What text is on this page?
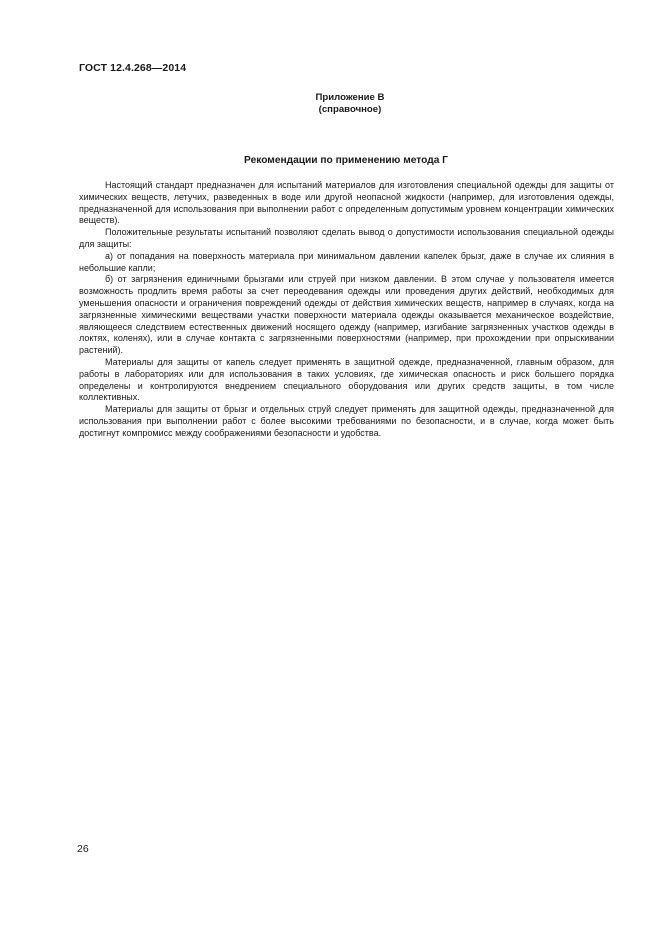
ГОСТ 12.4.268—2014
Приложение В
(справочное)
Рекомендации по применению метода Г

Настоящий стандарт предназначен для испытаний материалов для изготовления специальной одежды для защиты от химических веществ, летучих, разведенных в воде или другой неопасной жидкости (например, для изготовления одежды, предназначенной для использования при выполнении работ с определенным допустимым уровнем концентрации химических веществ).

Положительные результаты испытаний позволяют сделать вывод о допустимости использования специальной одежды для защиты:

а) от попадания на поверхность материала при минимальном давлении капелек брызг, даже в случае их слияния в небольшие капли;

б) от загрязнения единичными брызгами или струей при низком давлении. В этом случае у пользователя имеется возможность продлить время работы за счет переодевания одежды или проведения других действий, необходимых для уменьшения опасности и ограничения повреждений одежды от действия химических веществ, например в случаях, когда на загрязненные химическими веществами участки поверхности материала одежды оказывается механическое воздействие, являющееся следствием естественных движений носящего одежду (например, изгибание загрязненных участков одежды в локтях, коленях), или в случае контакта с загрязненными поверхностями (например, при прохождении при опрыскивании растений).

Материалы для защиты от капель следует применять в защитной одежде, предназначенной, главным образом, для работы в лабораториях или для использования в таких условиях, где химическая опасность и риск большего порядка определены и контролируются внедрением специального оборудования или других средств защиты, в том числе коллективных.

Материалы для защиты от брызг и отдельных струй следует применять для защитной одежды, предназначенной для использования при выполнении работ с более высокими требованиями по безопасности, и в случае, когда может быть достигнут компромисс между соображениями безопасности и удобства.

26
